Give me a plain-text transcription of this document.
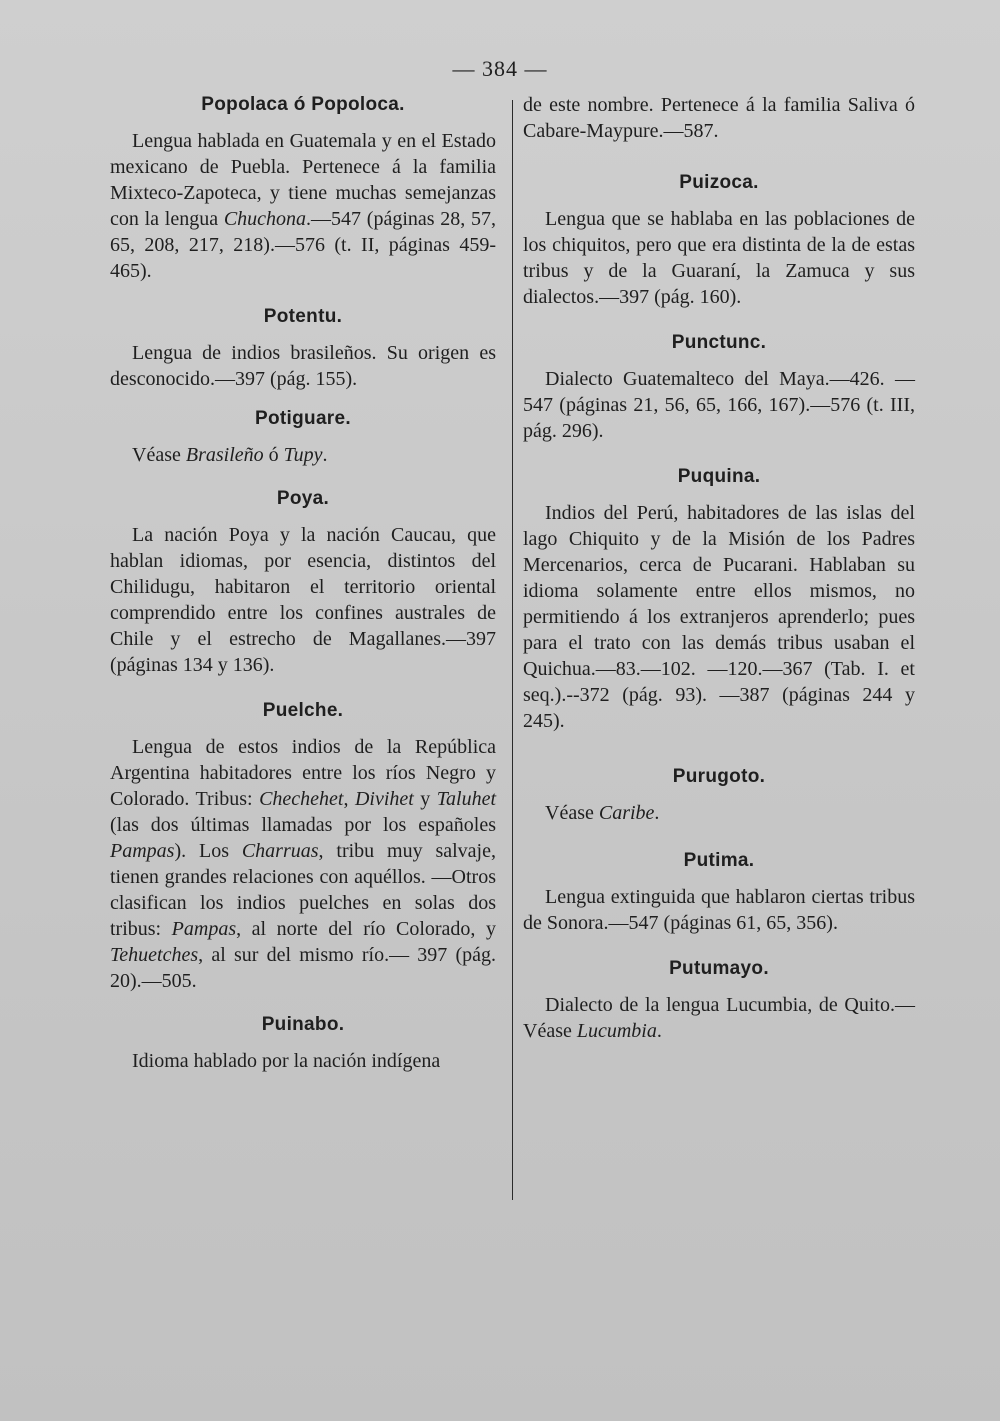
— 384 —
Popolaca ó Popoloca.

Lengua hablada en Guatemala y en el Estado mexicano de Puebla. Pertenece á la familia Mixteco-Zapoteca, y tiene muchas semejanzas con la lengua Chuchona.—547 (páginas 28, 57, 65, 208, 217, 218).—576 (t. II, páginas 459-465).

Potentu.

Lengua de indios brasileños. Su origen es desconocido.—397 (pág. 155).

Potiguare.

Véase Brasileño ó Tupy.

Poya.

La nación Poya y la nación Caucau, que hablan idiomas, por esencia, distintos del Chilidugu, habitaron el territorio oriental comprendido entre los confines australes de Chile y el estrecho de Magallanes.—397 (páginas 134 y 136).

Puelche.

Lengua de estos indios de la República Argentina habitadores entre los ríos Negro y Colorado. Tribus: Chechehet, Divihet y Taluhet (las dos últimas llamadas por los españoles Pampas). Los Charruas, tribu muy salvaje, tienen grandes relaciones con aquéllos. —Otros clasifican los indios puelches en solas dos tribus: Pampas, al norte del río Colorado, y Tehuetches, al sur del mismo río.— 397 (pág. 20).—505.

Puinabo.

Idioma hablado por la nación indígena

de este nombre. Pertenece á la familia Saliva ó Cabare-Maypure.—587.

Puizoca.

Lengua que se hablaba en las poblaciones de los chiquitos, pero que era distinta de la de estas tribus y de la Guaraní, la Zamuca y sus dialectos.—397 (pág. 160).

Punctunc.

Dialecto Guatemalteco del Maya.—426. —547 (páginas 21, 56, 65, 166, 167).—576 (t. III, pág. 296).

Puquina.

Indios del Perú, habitadores de las islas del lago Chiquito y de la Misión de los Padres Mercenarios, cerca de Pucarani. Hablaban su idioma solamente entre ellos mismos, no permitiendo á los extranjeros aprenderlo; pues para el trato con las demás tribus usaban el Quichua.—83.—102. —120.—367 (Tab. I. et seq.).--372 (pág. 93). —387 (páginas 244 y 245).

Purugoto.

Véase Caribe.

Putima.

Lengua extinguida que hablaron ciertas tribus de Sonora.—547 (páginas 61, 65, 356).

Putumayo.

Dialecto de la lengua Lucumbia, de Quito.—Véase Lucumbia.
